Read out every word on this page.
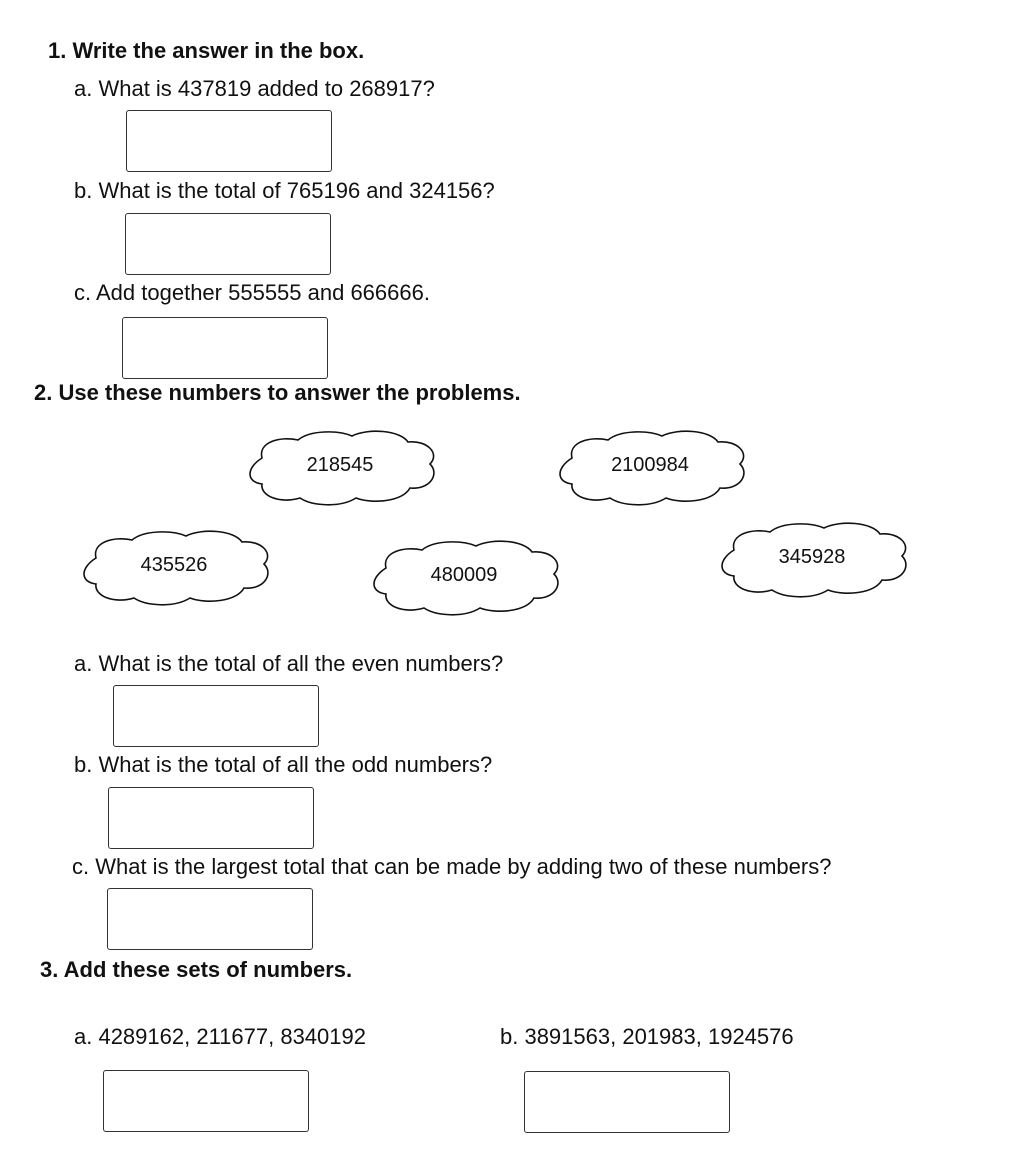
1. Write the answer in the box.
a. What is 437819 added to 268917?
b. What is the total of 765196 and 324156?
c. Add together 555555 and 666666.
2. Use these numbers to answer the problems.
218545	2100984
435526	480009
345928
a. What is the total of all the even numbers?
b. What is the total of all the odd numbers?
c. What is the largest total that can be made by adding two of these numbers?
3. Add these sets of numbers.
a. 4289162, 211677, 8340192	b. 3891563, 201983, 1924576
